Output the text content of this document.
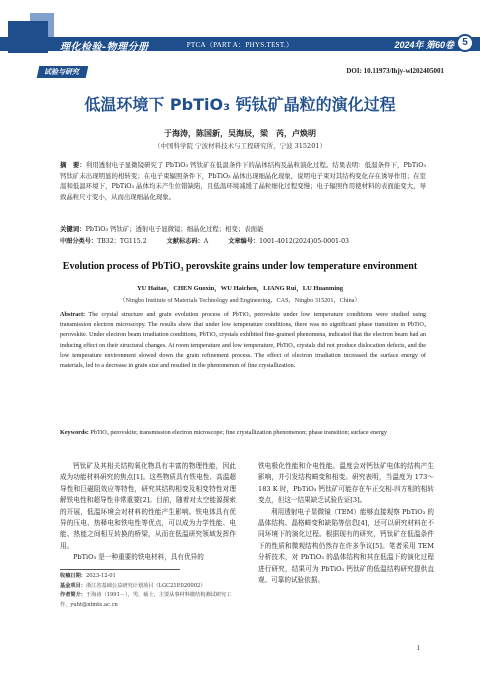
理化检验-物理分册	PTCA（PART A：PHYS.TEST.）	2024年 第60卷 5
试验与研究	DOI: 10.11973/lhjy-wl202405001
低温环境下 PbTiO₃ 钙钛矿晶粒的演化过程
于海涛，陈国新，吴海辰，梁　芮，卢焕明
（中国科学院 宁波材料技术与工程研究所，宁波 315201）
摘　要：利用透射电子显微镜研究了 PbTiO₃ 钙钛矿在低温条件下的晶体结构及晶粒演化过程。结果表明：低温条件下，PbTiO₃ 钙钛矿未出现明显的相转变；在电子束辐照条件下，PbTiO₃ 晶体出现细晶化现象，说明电子束对其结构变化存在诱导作用；在室温和低温环境下，PbTiO₃ 晶体均未产生位错缺陷，且低温环境减缓了晶粒细化过程变慢；电子辐照作用使材料的表面能变大，导致晶粒尺寸变小，从而出现细晶化现象。
关键词：PbTiO₃ 钙钛矿；透射电子显微镜；细晶化过程；相变；表面能
中图分类号：TB32；TG115.2	文献标志码：A	文章编号：1001-4012(2024)05-0001-03
Evolution process of PbTiO₃ perovskite grains under low temperature environment
YU Haitao，CHEN Guoxin，WU Haichen，LIANG Rui，LU Huanming
（Ningbo Institute of Materials Technology and Engineering，CAS，Ningbo 315201，China）
Abstract: The crystal structure and grain evolution process of PbTiO₃ perovskite under low temperature conditions were studied using transmission electron microscopy. The results show that under low temperature conditions, there was no significant phase transition in PbTiO₃ perovskite. Under electron beam irradiation conditions, PbTiO₃ crystals exhibited fine-grained phenomena, indicated that the electron beam had an inducing effect on their structural changes. At room temperature and low temperature, PbTiO₃ crystals did not produce dislocation defects, and the low temperature environment slowed down the grain refinement process. The effect of electron irradiation increased the surface energy of materials, led to a decrease in grain size and resulted in the phenomenon of fine crystallization.
Keywords: PbTiO₃ perovskite; transmission electron microscope; fine crystallization phenomenon; phase transition; surface energy

钙钛矿及其相关结构氧化物具有丰富的物理性能，因此成为功能材料研究的焦点[1]。这些物质具有铁电性、高温超导性和巨磁阻效应等特性，研究其结构相变及相变特性对理解铁电性和超导性非常重要[2]。目前，随着对太空能源探索的开展，低温环境会对材料的性能产生影响。铁电体具有优异的压电、热释电和铁电性等优点，可以成为力学性能、电能、热能之间相互转换的桥梁，从而在低温研究领域发挥作用。

PbTiO₃ 是一种重要的铁电材料，具有优异的

铁电极化性能和介电性能。温度会对钙钛矿电体的结构产生影响，并引发结构畸变和相变。研究表明，当温度为 173～183 K 时，PbTiO₃ 钙钛矿可能存在车正交相-四方相的相转变点，但这一结果缺乏试验佐证[3]。

利用透射电子显微镜（TEM）能够直接观察 PbTiO₃ 的晶体结构、晶格畸变和缺陷等信息[4]，还可以研究材料在不同环境下的演化过程。根据现有的研究，钙钛矿在低温条件下的性质和微观结构仍然存在许多争议[5]。笔者采用 TEM 分析技术，对 PbTiO₃ 的晶体结构和其在低温下的演化过程进行研究，结果可为 PbTiO₃ 钙钛矿的低温结构研究提供直观、可靠的试验依据。

收稿日期：2023-12-01
基金项目：浙江省基础公益研究计划项目（LGC21E020002）
作者简介：于海涛（1991－），男，硕士，主要从事材料微结构测试研究工作，yuht@nimte.ac.cn
1
